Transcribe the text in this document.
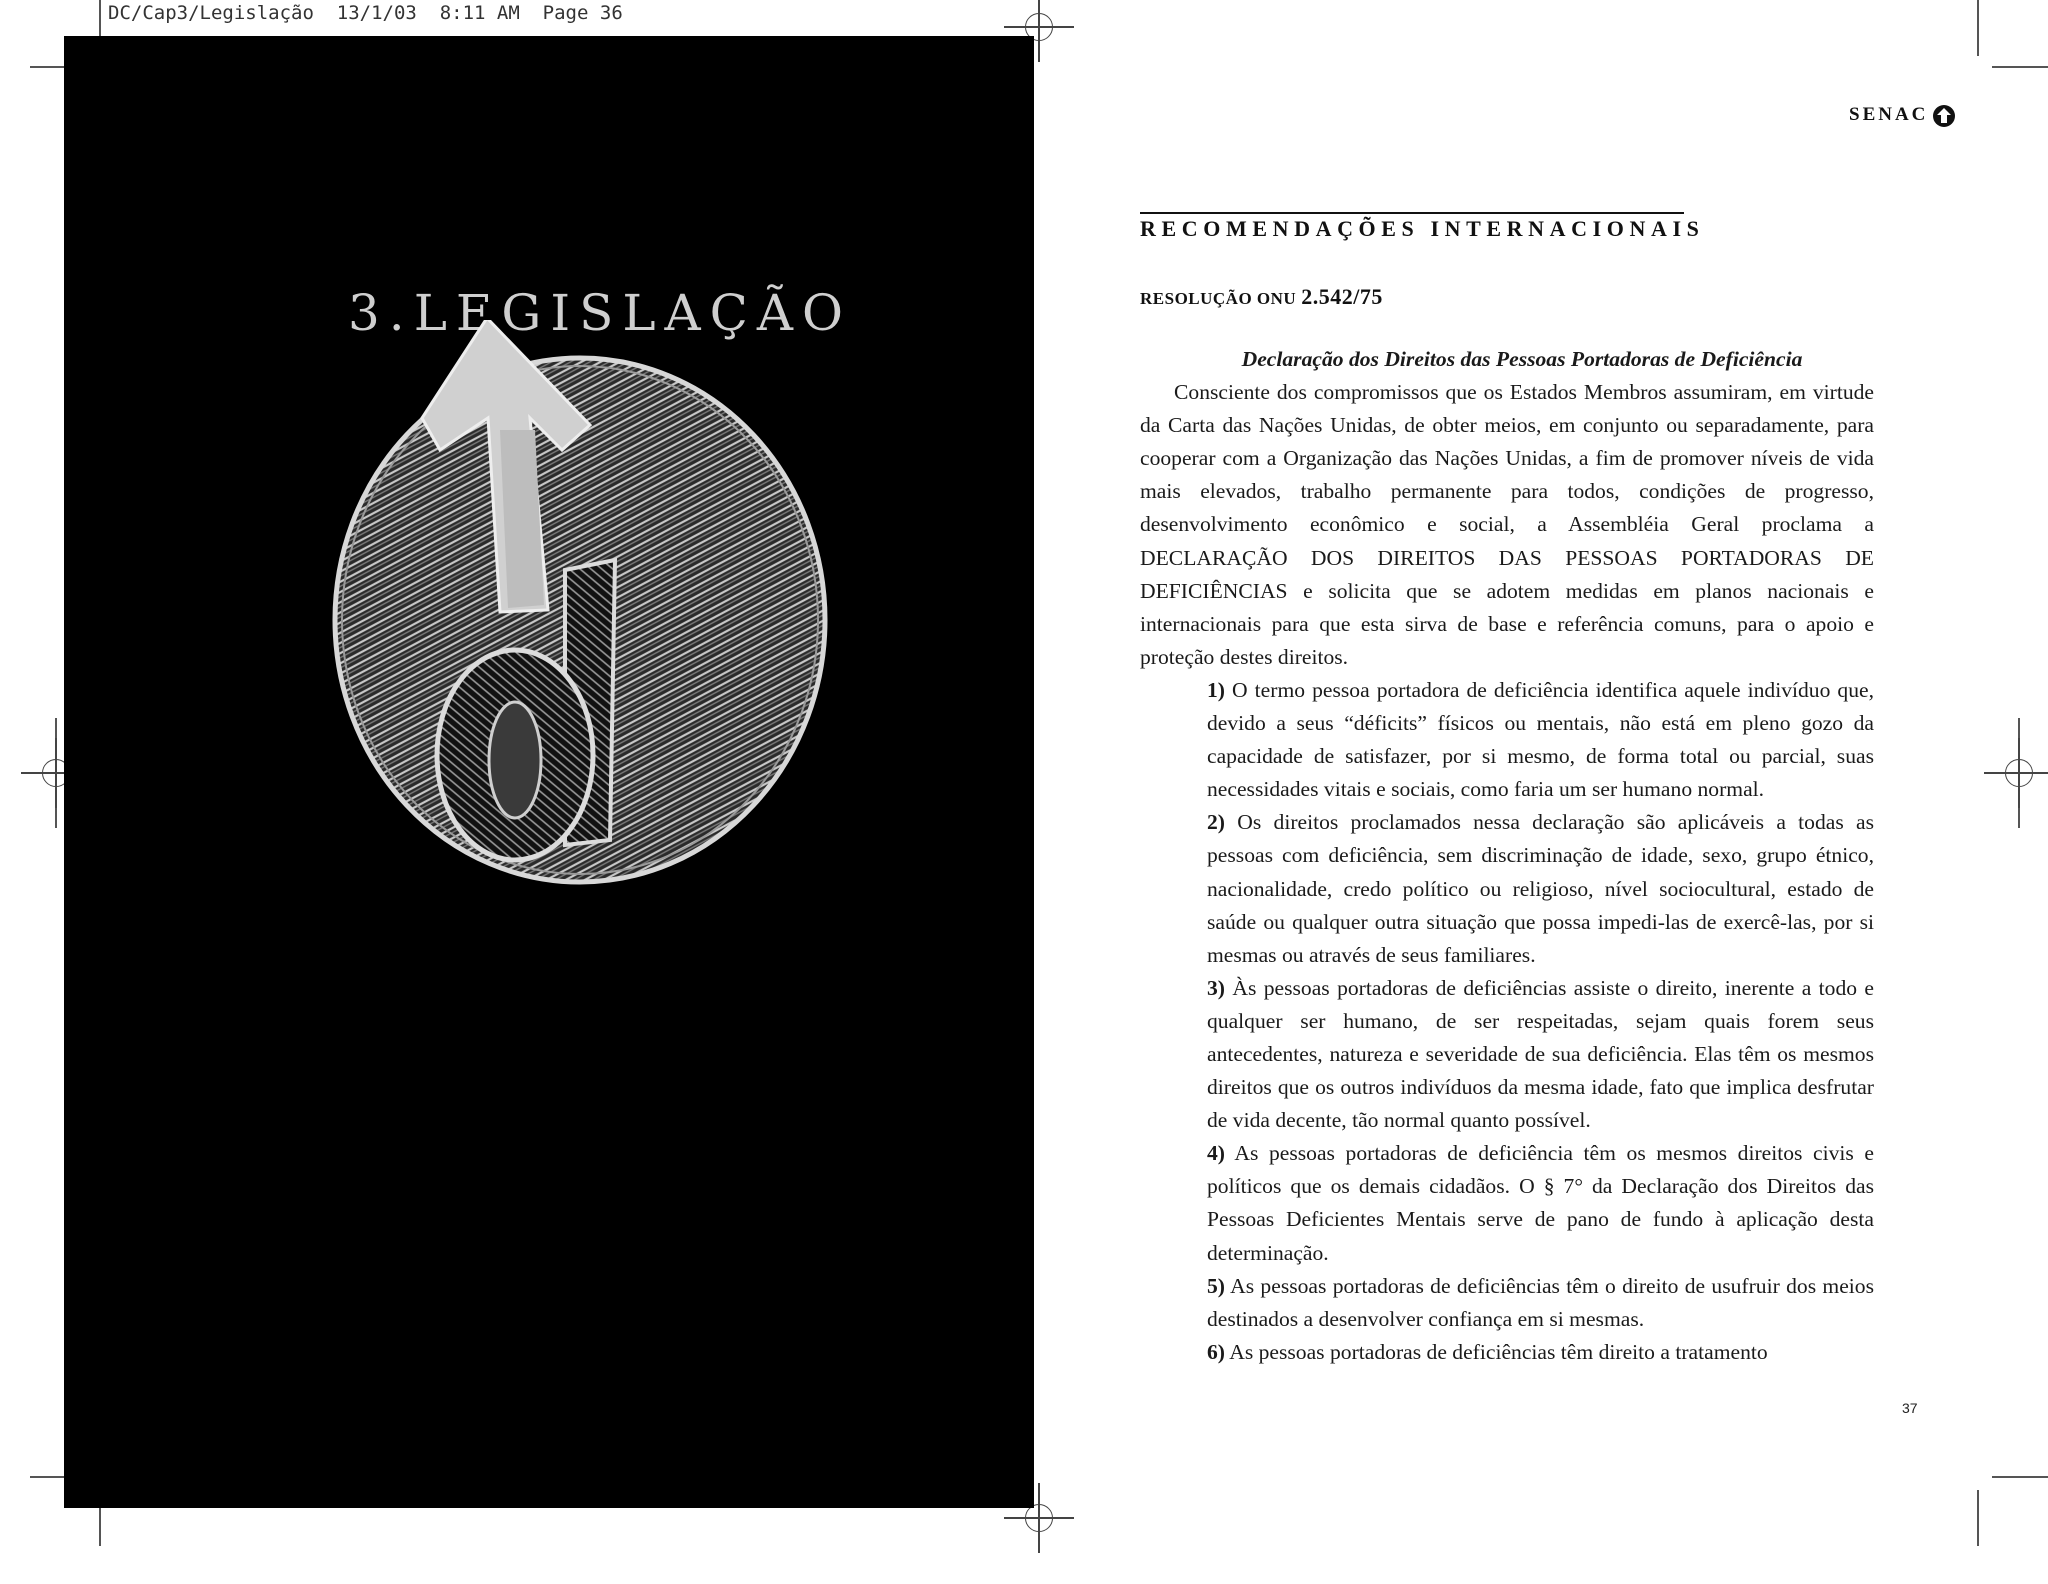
DC/Cap3/Legislação  13/1/03  8:11 AM  Page 36
3.LEGISLAÇÃO
SENAC
RECOMENDAÇÕES INTERNACIONAIS
RESOLUÇÃO ONU 2.542/75
Declaração dos Direitos das Pessoas Portadoras de Deficiência
Consciente dos compromissos que os Estados Membros assumiram, em virtude da Carta das Nações Unidas, de obter meios, em conjunto ou separadamente, para cooperar com a Organização das Nações Unidas, a fim de promover níveis de vida mais elevados, trabalho permanente para todos, condições de progresso, desenvolvimento econômico e social, a Assembléia Geral proclama a DECLARAÇÃO DOS DIREITOS DAS PESSOAS PORTADORAS DE DEFICIÊNCIAS e solicita que se adotem medidas em planos nacionais e internacionais para que esta sirva de base e referência comuns, para o apoio e proteção destes direitos.
1) O termo pessoa portadora de deficiência identifica aquele indivíduo que, devido a seus “déficits” físicos ou mentais, não está em pleno gozo da capacidade de satisfazer, por si mesmo, de forma total ou parcial, suas necessidades vitais e sociais, como faria um ser humano normal.
2) Os direitos proclamados nessa declaração são aplicáveis a todas as pessoas com deficiência, sem discriminação de idade, sexo, grupo étnico, nacionalidade, credo político ou religioso, nível sociocultural, estado de saúde ou qualquer outra situação que possa impedi-las de exercê-las, por si mesmas ou através de seus familiares.
3) Às pessoas portadoras de deficiências assiste o direito, inerente a todo e qualquer ser humano, de ser respeitadas, sejam quais forem seus antecedentes, natureza e severidade de sua deficiência. Elas têm os mesmos direitos que os outros indivíduos da mesma idade, fato que implica desfrutar de vida decente, tão normal quanto possível.
4) As pessoas portadoras de deficiência têm os mesmos direitos civis e políticos que os demais cidadãos. O § 7° da Declaração dos Direitos das Pessoas Deficientes Mentais serve de pano de fundo à aplicação desta determinação.
5) As pessoas portadoras de deficiências têm o direito de usufruir dos meios destinados a desenvolver confiança em si mesmas.
6) As pessoas portadoras de deficiências têm direito a tratamento
37
